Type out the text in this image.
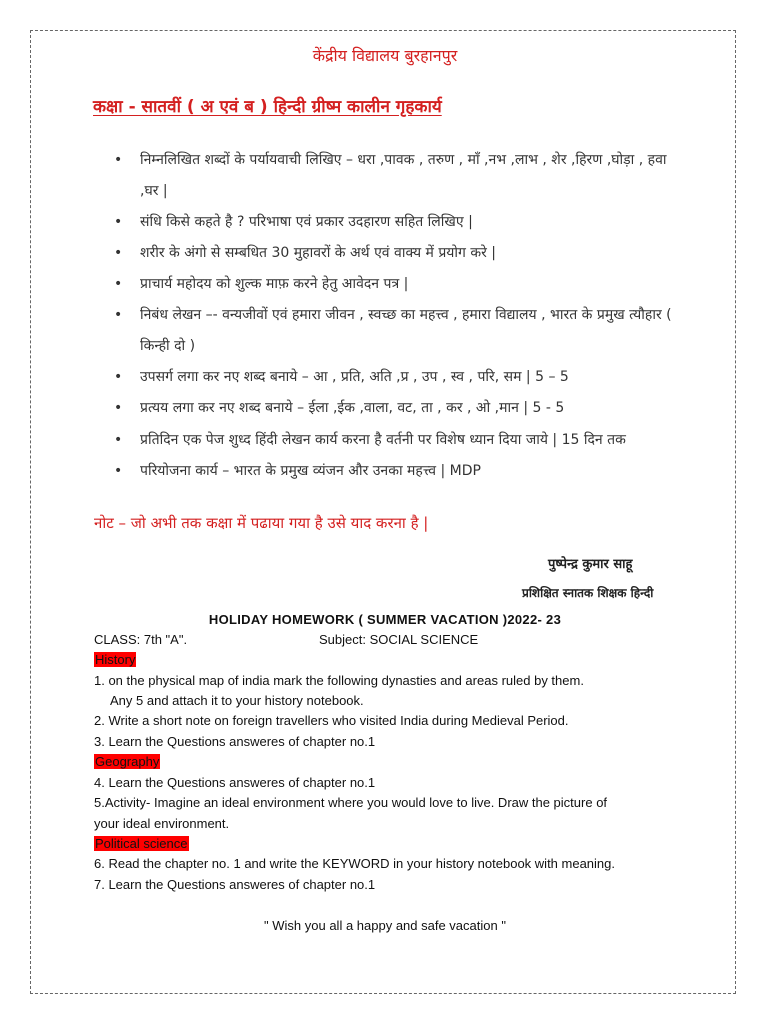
केंद्रीय विद्यालय बुरहानपुर
कक्षा - सातवीं ( अ एवं ब ) हिन्दी ग्रीष्म कालीन गृहकार्य
• निम्नलिखित शब्दों के पर्यायवाची लिखिए – धरा ,पावक , तरुण , माँ ,नभ ,लाभ , शेर ,हिरण ,घोड़ा , हवा ,घर |
• संधि किसे कहते है ? परिभाषा एवं प्रकार उदहारण सहित लिखिए |
• शरीर के अंगो से सम्बधित 30 मुहावरों के अर्थ एवं वाक्य में प्रयोग करे |
• प्राचार्य महोदय को शुल्क माफ़ करने हेतु आवेदन पत्र |
• निबंध लेखन –- वन्यजीवों एवं हमारा जीवन , स्वच्छ का महत्त्व , हमारा विद्यालय , भारत के प्रमुख त्यौहार ( किन्ही दो )
• उपसर्ग लगा कर नए शब्द बनाये – आ , प्रति, अति ,प्र , उप , स्व , परि, सम | 5 – 5
• प्रत्यय लगा कर नए शब्द बनाये – ईला ,ईक ,वाला, वट, ता , कर , ओ ,मान | 5 - 5
• प्रतिदिन एक पेज शुध्द हिंदी लेखन कार्य करना है वर्तनी पर विशेष ध्यान दिया जाये | 15 दिन तक
• परियोजना कार्य – भारत के प्रमुख व्यंजन और उनका महत्त्व | MDP
नोट – जो अभी तक कक्षा में पढाया गया है उसे याद करना है |
पुष्पेन्द्र कुमार साहू
प्रशिक्षित स्नातक शिक्षक हिन्दी
HOLIDAY HOMEWORK ( SUMMER VACATION )2022- 23
CLASS: 7th "A".	Subject: SOCIAL SCIENCE
History
1. on the physical map of india mark the following dynasties and areas ruled by them.
Any 5 and attach it to your history notebook.
2. Write a short note on foreign travellers who visited India during Medieval Period.
3. Learn the Questions answeres of chapter no.1
Geography
4. Learn the Questions answeres of chapter no.1
5.Activity- Imagine an ideal environment where you would love to live. Draw the picture of
your ideal environment.
Political science
6. Read the chapter no. 1 and write the KEYWORD in your history notebook with meaning.
7. Learn the Questions answeres of chapter no.1
" Wish you all a happy and safe vacation "
